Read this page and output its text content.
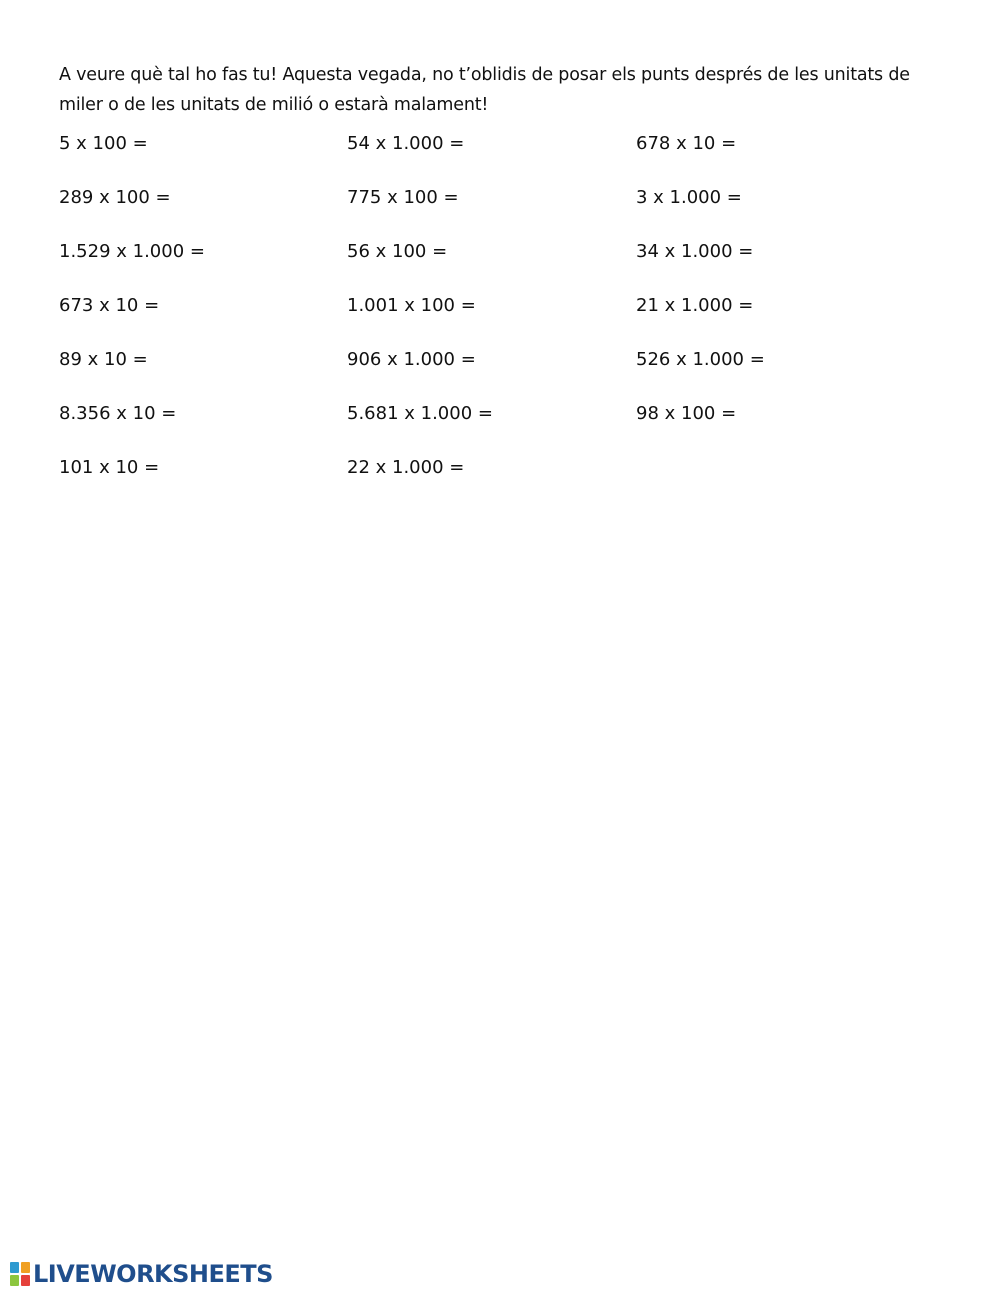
A veure què tal ho fas tu! Aquesta vegada, no t’oblidis de posar els punts després de les unitats de miler o de les unitats de milió o estarà malament!
5 x 100 =	54 x 1.000 =	678 x 10 =
289 x 100 =	775 x 100 =	3 x 1.000 =
1.529 x 1.000 =	56 x 100 =	34 x 1.000 =
673 x 10 =	1.001 x 100 =	21 x 1.000 =
89 x 10 =	906 x 1.000 =	526 x 1.000 =
8.356 x 10 =	5.681 x 1.000 =	98 x 100 =
101 x 10 =	22 x 1.000 =
LIVEWORKSHEETS
